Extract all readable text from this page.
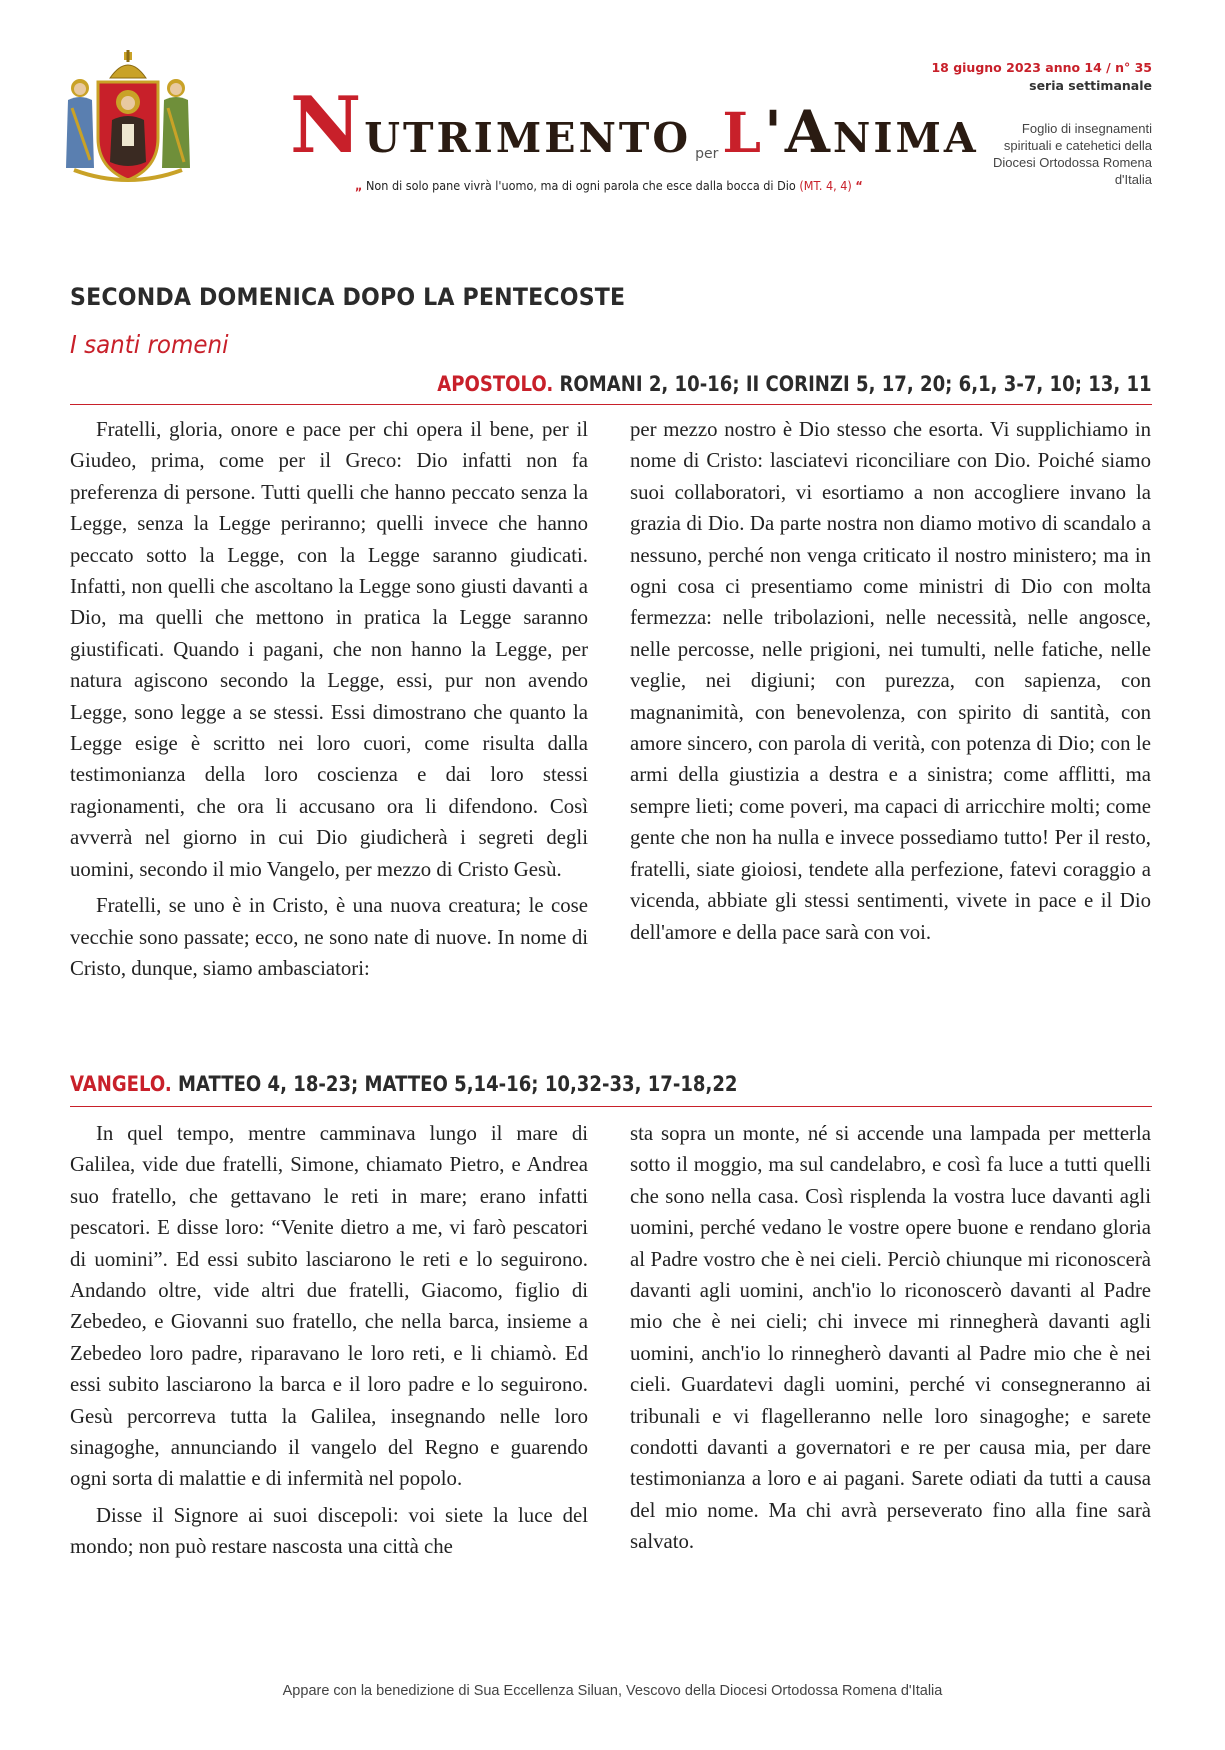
Nutrimento perl'Anima
„ Non di solo pane vivrà l'uomo, ma di ogni parola che esce dalla bocca di Dio (MT. 4, 4) “
18 giugno 2023 anno 14 / n° 35
seria settimanale
Foglio di insegnamenti spirituali e catehetici della Diocesi Ortodossa Romena d'Italia
SECONDA DOMENICA DOPO LA PENTECOSTE
I santi romeni
APOSTOLO. ROMANI 2, 10-16; II CORINZI 5, 17, 20; 6,1, 3-7, 10; 13, 11

Fratelli, gloria, onore e pace per chi opera il bene, per il Giudeo, prima, come per il Greco: Dio infatti non fa preferenza di persone. Tutti quelli che hanno peccato senza la Legge, senza la Legge periranno; quelli invece che hanno peccato sotto la Legge, con la Legge saranno giudicati. Infatti, non quelli che ascoltano la Legge sono giusti davanti a Dio, ma quelli che mettono in pratica la Legge saranno giustificati. Quando i pagani, che non hanno la Legge, per natura agiscono secondo la Legge, essi, pur non avendo Legge, sono legge a se stessi. Essi dimostrano che quanto la Legge esige è scritto nei loro cuori, come risulta dalla testimonianza della loro coscienza e dai loro stessi ragionamenti, che ora li accusano ora li difendono. Così avverrà nel giorno in cui Dio giudicherà i segreti degli uomini, secondo il mio Vangelo, per mezzo di Cristo Gesù.

Fratelli, se uno è in Cristo, è una nuova creatura; le cose vecchie sono passate; ecco, ne sono nate di nuove. In nome di Cristo, dunque, siamo ambasciatori:

per mezzo nostro è Dio stesso che esorta. Vi supplichiamo in nome di Cristo: lasciatevi riconciliare con Dio. Poiché siamo suoi collaboratori, vi esortiamo a non accogliere invano la grazia di Dio. Da parte nostra non diamo motivo di scandalo a nessuno, perché non venga criticato il nostro ministero; ma in ogni cosa ci presentiamo come ministri di Dio con molta fermezza: nelle tribolazioni, nelle necessità, nelle angosce, nelle percosse, nelle prigioni, nei tumulti, nelle fatiche, nelle veglie, nei digiuni; con purezza, con sapienza, con magnanimità, con benevolenza, con spirito di santità, con amore sincero, con parola di verità, con potenza di Dio; con le armi della giustizia a destra e a sinistra; come afflitti, ma sempre lieti; come poveri, ma capaci di arricchire molti; come gente che non ha nulla e invece possediamo tutto! Per il resto, fratelli, siate gioiosi, tendete alla perfezione, fatevi coraggio a vicenda, abbiate gli stessi sentimenti, vivete in pace e il Dio dell'amore e della pace sarà con voi.

VANGELO. MATTEO 4, 18-23; MATTEO 5,14-16; 10,32-33, 17-18,22

In quel tempo, mentre camminava lungo il mare di Galilea, vide due fratelli, Simone, chiamato Pietro, e Andrea suo fratello, che gettavano le reti in mare; erano infatti pescatori. E disse loro: “Venite dietro a me, vi farò pescatori di uomini”. Ed essi subito lasciarono le reti e lo seguirono. Andando oltre, vide altri due fratelli, Giacomo, figlio di Zebedeo, e Giovanni suo fratello, che nella barca, insieme a Zebedeo loro padre, riparavano le loro reti, e li chiamò. Ed essi subito lasciarono la barca e il loro padre e lo seguirono. Gesù percorreva tutta la Galilea, insegnando nelle loro sinagoghe, annunciando il vangelo del Regno e guarendo ogni sorta di malattie e di infermità nel popolo.

Disse il Signore ai suoi discepoli: voi siete la luce del mondo; non può restare nascosta una città che

sta sopra un monte, né si accende una lampada per metterla sotto il moggio, ma sul candelabro, e così fa luce a tutti quelli che sono nella casa. Così risplenda la vostra luce davanti agli uomini, perché vedano le vostre opere buone e rendano gloria al Padre vostro che è nei cieli. Perciò chiunque mi riconoscerà davanti agli uomini, anch'io lo riconoscerò davanti al Padre mio che è nei cieli; chi invece mi rinnegherà davanti agli uomini, anch'io lo rinnegherò davanti al Padre mio che è nei cieli. Guardatevi dagli uomini, perché vi consegneranno ai tribunali e vi flagelleranno nelle loro sinagoghe; e sarete condotti davanti a governatori e re per causa mia, per dare testimonianza a loro e ai pagani. Sarete odiati da tutti a causa del mio nome. Ma chi avrà perseverato fino alla fine sarà salvato.

Appare con la benedizione di Sua Eccellenza Siluan, Vescovo della Diocesi Ortodossa Romena d'Italia
